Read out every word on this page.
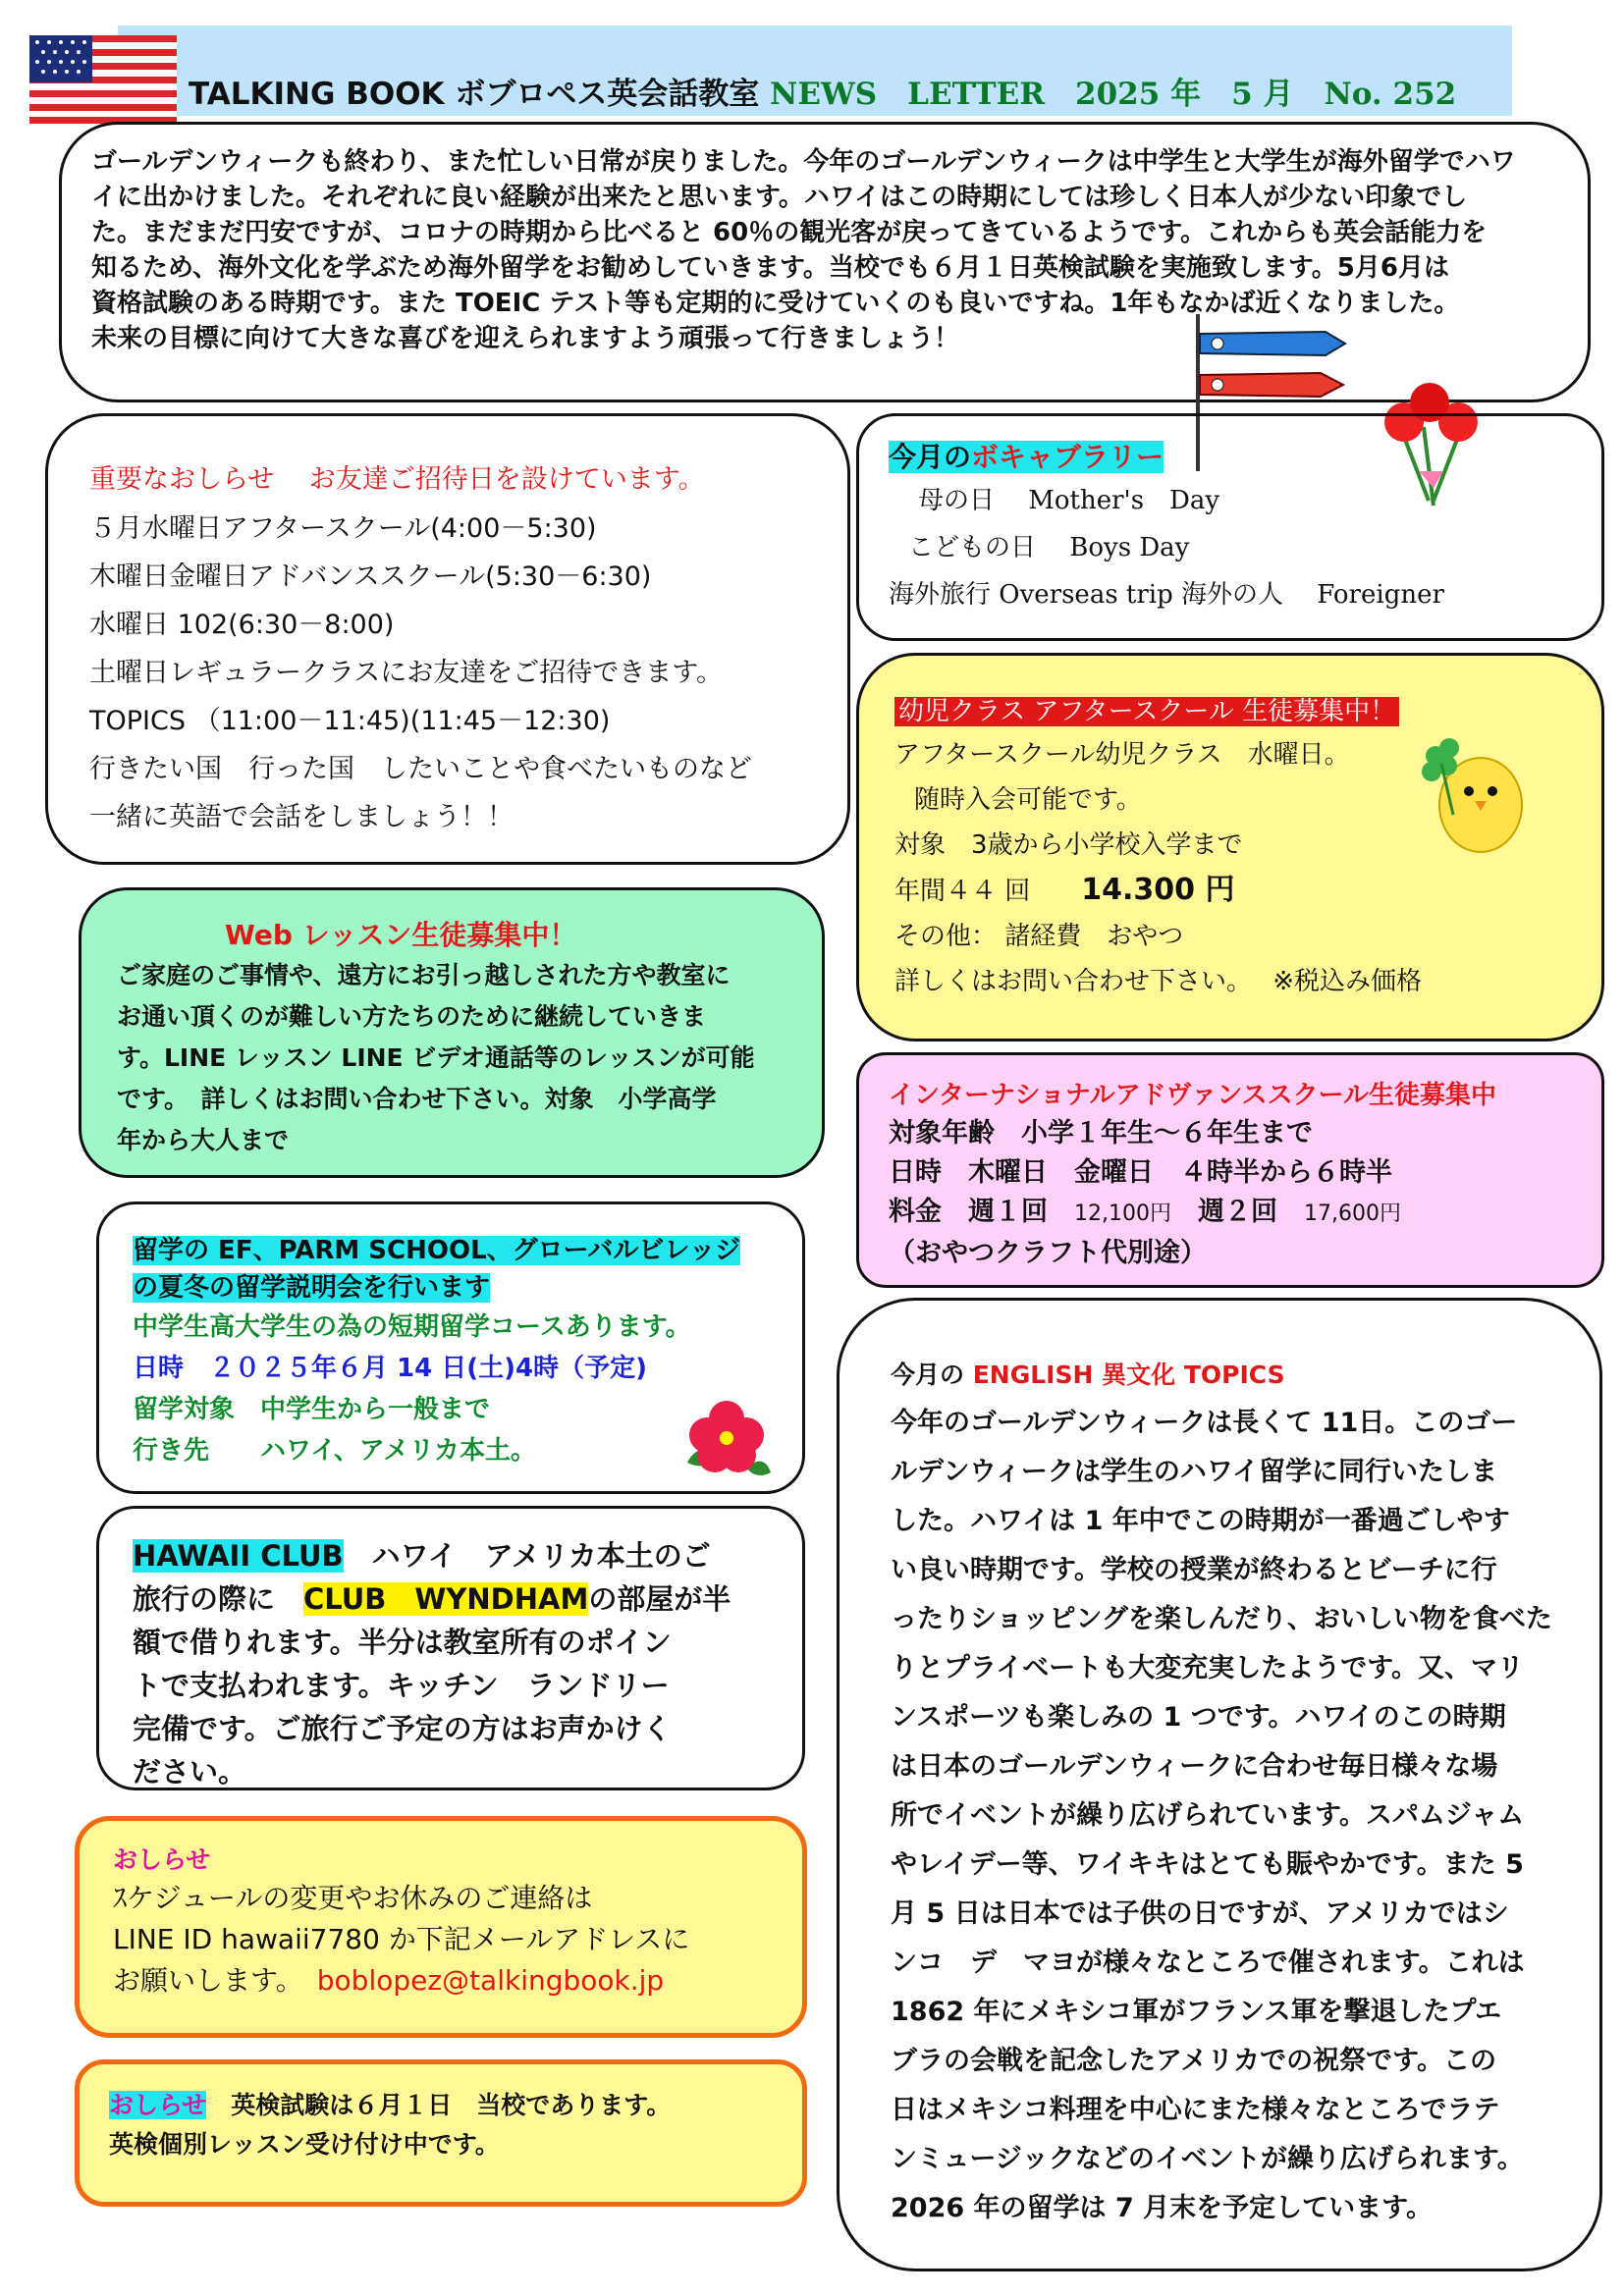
TALKING BOOK ボブロペス英会話教室 NEWS　LETTER　2025 年　5 月　No. 252
ゴールデンウィークも終わり、また忙しい日常が戻りました。今年のゴールデンウィークは中学生と大学生が海外留学でハワ
イに出かけました。それぞれに良い経験が出来たと思います。ハワイはこの時期にしては珍しく日本人が少ない印象でし
た。まだまだ円安ですが、コロナの時期から比べると 60％の観光客が戻ってきているようです。これからも英会話能力を
知るため、海外文化を学ぶため海外留学をお勧めしていきます。当校でも６月１日英検試験を実施致します。5月6月は
資格試験のある時期です。また TOEIC テスト等も定期的に受けていくのも良いですね。1年もなかば近くなりました。
未来の目標に向けて大きな喜びを迎えられますよう頑張って行きましょう！
重要なおしらせ　 お友達ご招待日を設けています。
５月水曜日アフタースクール(4:00－5:30)
木曜日金曜日アドバンススクール(5:30－6:30)
水曜日 102(6:30－8:00)
土曜日レギュラークラスにお友達をご招待できます。
TOPICS （11:00－11:45)(11:45－12:30)
行きたい国　行った国　したいことや食べたいものなど
一緒に英語で会話をしましょう！！
今月のボキャブラリー
母の日　 Mother's　Day
こどもの日　 Boys Day
海外旅行 Overseas trip 海外の人　 Foreigner
幼児クラス アフタースクール 生徒募集中！
アフタースクール幼児クラス　水曜日。
随時入会可能です。
対象　3歳から小学校入学まで
年間４４ 回　　 14.300 円
その他： 諸経費　おやつ
詳しくはお問い合わせ下さい。　 ※税込み価格
Web レッスン生徒募集中！
ご家庭のご事情や、遠方にお引っ越しされた方や教室に
お通い頂くのが難しい方たちのために継続していきま
す。LINE レッスン LINE ビデオ通話等のレッスンが可能
です。　詳しくはお問い合わせ下さい。対象　小学高学
年から大人まで
インターナショナルアドヴァンススクール生徒募集中
対象年齢　小学１年生～６年生まで
日時　木曜日　金曜日　４時半から６時半
料金　週１回　 12,100円　 週２回　 17,600円
（おやつクラフト代別途）
留学の EF、PARM SCHOOL、グローバルビレッジ
の夏冬の留学説明会を行います
中学生高大学生の為の短期留学コースあります。
日時　２０２５年６月 14 日(土)4時（予定)
留学対象　中学生から一般まで
行き先　　ハワイ、アメリカ本土。
今月の ENGLISH 異文化 TOPICS
今年のゴールデンウィークは長くて 11日。このゴー
ルデンウィークは学生のハワイ留学に同行いたしま
した。ハワイは 1 年中でこの時期が一番過ごしやす
い良い時期です。学校の授業が終わるとビーチに行
ったりショッピングを楽しんだり、おいしい物を食べた
りとプライベートも大変充実したようです。又、マリ
ンスポーツも楽しみの 1 つです。ハワイのこの時期
は日本のゴールデンウィークに合わせ毎日様々な場
所でイベントが繰り広げられています。スパムジャム
やレイデー等、ワイキキはとても賑やかです。また 5
月 5 日は日本では子供の日ですが、アメリカではシ
ンコ　デ　マヨが様々なところで催されます。これは
1862 年にメキシコ軍がフランス軍を撃退したプエ
ブラの会戦を記念したアメリカでの祝祭です。この
日はメキシコ料理を中心にまた様々なところでラテ
ンミュージックなどのイベントが繰り広げられます。
2026 年の留学は 7 月末を予定しています。
HAWAII CLUB　ハワイ　アメリカ本土のご
旅行の際に　CLUB　WYNDHAMの部屋が半
額で借りれます。半分は教室所有のポイン
トで支払われます。キッチン　ランドリー
完備です。ご旅行ご予定の方はお声かけく
ださい。
おしらせ
ｽケジュールの変更やお休みのご連絡は
LINE ID hawaii7780 か下記メールアドレスに
お願いします。　 boblopez@talkingbook.jp
おしらせ　英検試験は６月１日　当校であります。
英検個別レッスン受け付け中です。
